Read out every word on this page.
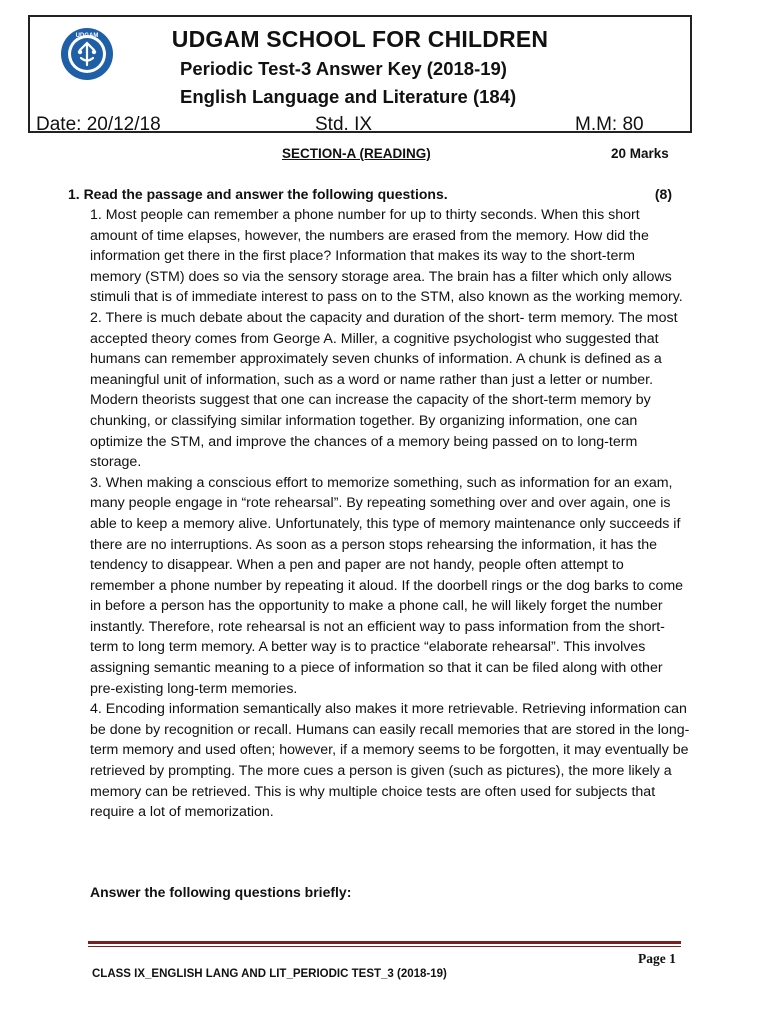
UDGAM	UDGAM SCHOOL FOR CHILDREN
Periodic Test-3 Answer Key (2018-19)
English Language and Literature (184)
Date: 20/12/18	Std. IX	M.M: 80
SECTION-A (READING)	20 Marks
1. Read the passage and answer the following questions.	(8)

1. Most people can remember a phone number for up to thirty seconds. When this short amount of time elapses, however, the numbers are erased from the memory. How did the information get there in the first place? Information that makes its way to the short-term memory (STM) does so via the sensory storage area. The brain has a filter which only allows stimuli that is of immediate interest to pass on to the STM, also known as the working memory.

2. There is much debate about the capacity and duration of the short- term memory. The most accepted theory comes from George A. Miller, a cognitive psychologist who suggested that humans can remember approximately seven chunks of information. A chunk is defined as a meaningful unit of information, such as a word or name rather than just a letter or number. Modern theorists suggest that one can increase the capacity of the short-term memory by chunking, or classifying similar information together. By organizing information, one can optimize the STM, and improve the chances of a memory being passed on to long-term storage.

3. When making a conscious effort to memorize something, such as information for an exam, many people engage in “rote rehearsal”. By repeating something over and over again, one is able to keep a memory alive. Unfortunately, this type of memory maintenance only succeeds if there are no interruptions. As soon as a person stops rehearsing the information, it has the tendency to disappear. When a pen and paper are not handy, people often attempt to remember a phone number by repeating it aloud. If the doorbell rings or the dog barks to come in before a person has the opportunity to make a phone call, he will likely forget the number instantly. Therefore, rote rehearsal is not an efficient way to pass information from the short-term to long term memory. A better way is to practice “elaborate rehearsal”. This involves assigning semantic meaning to a piece of information so that it can be filed along with other pre-existing long-term memories.

4. Encoding information semantically also makes it more retrievable. Retrieving information can be done by recognition or recall. Humans can easily recall memories that are stored in the long-term memory and used often; however, if a memory seems to be forgotten, it may eventually be retrieved by prompting. The more cues a person is given (such as pictures), the more likely a memory can be retrieved. This is why multiple choice tests are often used for subjects that require a lot of memorization.

Answer the following questions briefly:
Page 1
CLASS IX_ENGLISH LANG AND LIT_PERIODIC TEST_3 (2018-19)
